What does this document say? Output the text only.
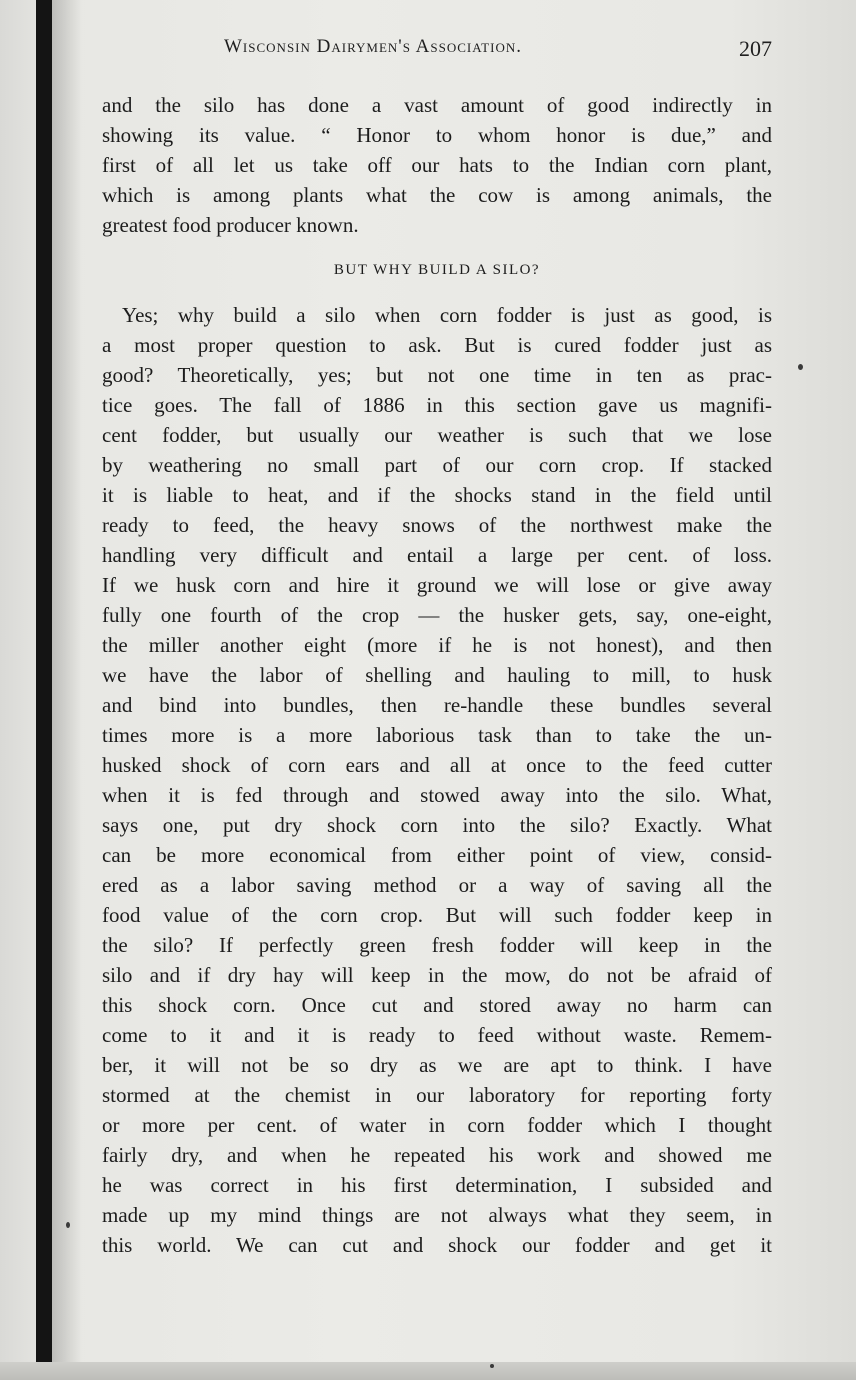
Wisconsin Dairymen's Association.	207
and the silo has done a vast amount of good indirectly in
showing its value. “ Honor to whom honor is due,” and
first of all let us take off our hats to the Indian corn plant,
which is among plants what the cow is among animals, the
greatest food producer known.
BUT WHY BUILD A SILO?
Yes; why build a silo when corn fodder is just as good, is
a most proper question to ask. But is cured fodder just as
good? Theoretically, yes; but not one time in ten as prac-
tice goes. The fall of 1886 in this section gave us magnifi-
cent fodder, but usually our weather is such that we lose
by weathering no small part of our corn crop. If stacked
it is liable to heat, and if the shocks stand in the field until
ready to feed, the heavy snows of the northwest make the
handling very difficult and entail a large per cent. of loss.
If we husk corn and hire it ground we will lose or give away
fully one fourth of the crop — the husker gets, say, one-eight,
the miller another eight (more if he is not honest), and then
we have the labor of shelling and hauling to mill, to husk
and bind into bundles, then re-handle these bundles several
times more is a more laborious task than to take the un-
husked shock of corn ears and all at once to the feed cutter
when it is fed through and stowed away into the silo. What,
says one, put dry shock corn into the silo? Exactly. What
can be more economical from either point of view, consid-
ered as a labor saving method or a way of saving all the
food value of the corn crop. But will such fodder keep in
the silo? If perfectly green fresh fodder will keep in the
silo and if dry hay will keep in the mow, do not be afraid of
this shock corn. Once cut and stored away no harm can
come to it and it is ready to feed without waste. Remem-
ber, it will not be so dry as we are apt to think. I have
stormed at the chemist in our laboratory for reporting forty
or more per cent. of water in corn fodder which I thought
fairly dry, and when he repeated his work and showed me
he was correct in his first determination, I subsided and
made up my mind things are not always what they seem, in
this world. We can cut and shock our fodder and get it
